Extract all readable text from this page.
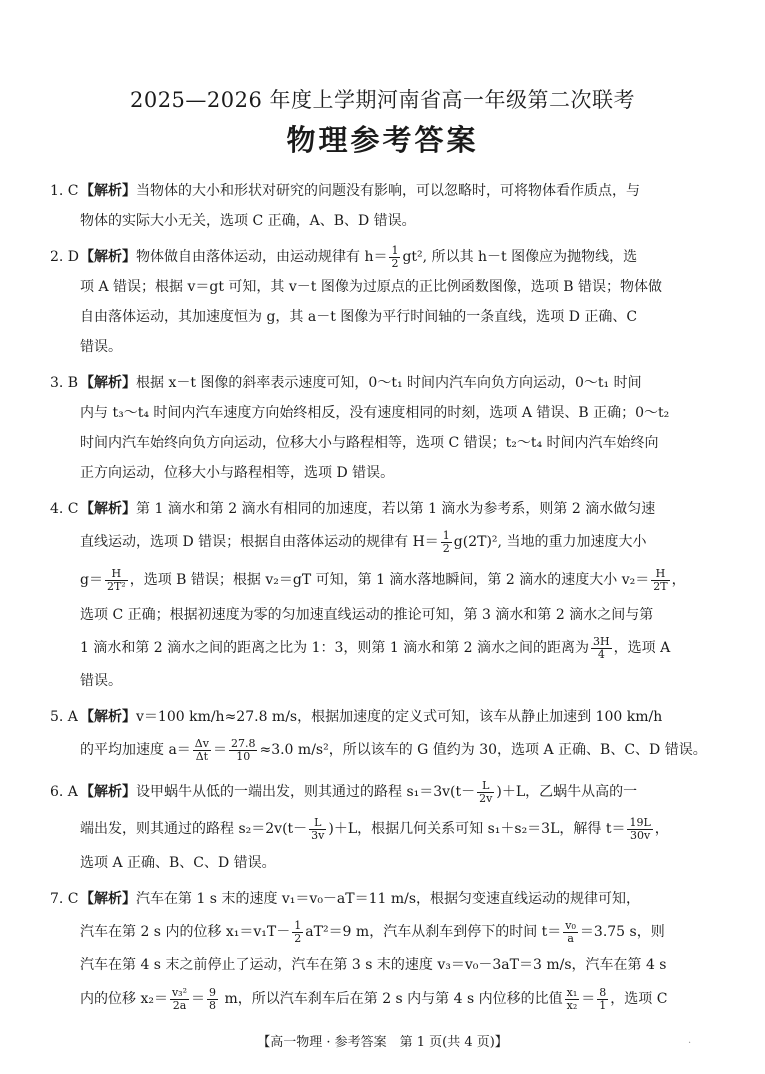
2025—2026 年度上学期河南省高一年级第二次联考
物理参考答案
1. C【解析】当物体的大小和形状对研究的问题没有影响，可以忽略时，可将物体看作质点，与
物体的实际大小无关，选项 C 正确，A、B、D 错误。
2. D【解析】物体做自由落体运动，由运动规律有 $h= \frac{1}{2} gt^2$, 所以其 h－t 图像应为抛物线，选
项 A 错误；根据 v＝gt 可知，其 v－t 图像为过原点的正比例函数图像，选项 B 错误；物体做
自由落体运动，其加速度恒为 g，其 a－t 图像为平行时间轴的一条直线，选项 D 正确、C
错误。
3. B 【解析】根据 x－t 图像的斜率表示速度可知，0～t₁ 时间内汽车向负方向运动，0～t₁ 时间
内与 t₃～t₄ 时间内汽车速度方向始终相反，没有速度相同的时刻，选项 A 错误、B 正确；0～t₂
时间内汽车始终向负方向运动，位移大小与路程相等，选项 C 错误；t₂～t₄ 时间内汽车始终向
正方向运动，位移大小与路程相等，选项 D 错误。
4. C【解析】第 1 滴水和第 2 滴水有相同的加速度，若以第 1 滴水为参考系，则第 2 滴水做匀速
直线运动，选项 D 错误；根据自由落体运动的规律有 $H= \frac{1}{2} g(2T)^2$, 当地的重力加速度大小
$g= \frac{H}{\text{2T²}}$ ，选项 B 错误；根据 v₂＝gT 可知，第 1 滴水落地瞬间，第 2 滴水的速度大小 $v_2= \frac{H}{2T}$ ，
选项 C 正确；根据初速度为零的匀加速直线运动的推论可知，第 3 滴水和第 2 滴水之间与第
1 滴水和第 2 滴水之间的距离之比为 1：3，则第 1 滴水和第 2 滴水之间的距离为 $\frac{3H}{4}$ ，选项 A
错误。
5. A 【解析】v＝100 km/h≈27.8 m/s，根据加速度的定义式可知，该车从静止加速到 100 km/h
的平均加速度 $a= \frac{\Delta v}{\Delta t} = \frac{27.8}{10} \approx 3.0$ m/s²，所以该车的 G 值约为 30，选项 A 正确、B、C、D 错误。
6. A 【解析】设甲蜗牛从低的一端出发，则其通过的路程 $s_1=3v(t- \frac{L}{2v} )+L$，乙蜗牛从高的一
端出发，则其通过的路程 $s_2=2v(t- \frac{L}{3v} )+L$，根据几何关系可知 s₁＋s₂＝3L，解得 $t= \frac{19L}{30v}$ ，
选项 A 正确、B、C、D 错误。
7. C【解析】汽车在第 1 s 末的速度 v₁＝v₀－aT＝11 m/s，根据匀变速直线运动的规律可知，
汽车在第 2 s 内的位移 $x_1=v_1T- \frac{1}{2} aT^2=9$ m，汽车从刹车到停下的时间 $t= \frac{\text{v₀}}{a} =3.75$ s，则
汽车在第 4 s 末之前停止了运动，汽车在第 3 s 末的速度 v₃＝v₀－3aT＝3 m/s，汽车在第 4 s
内的位移 $x_2= \frac{\text{v₃²}}{2a} = \frac{9}{8}$ m，所以汽车刹车后在第 2 s 内与第 4 s 内位移的比值 $\frac{\text{x₁}}{\text{x₂}} = \frac{8}{1}$ ，选项 C
【高一物理 · 参考答案　第 1 页(共 4 页)】	·
